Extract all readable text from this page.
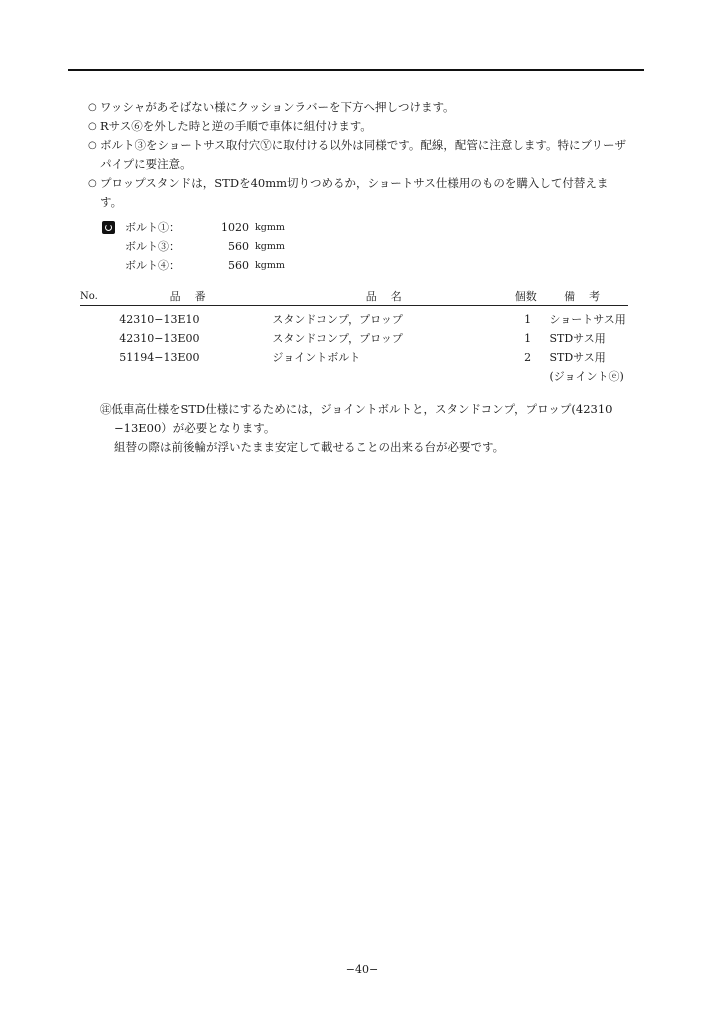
○ ワッシャがあそばない様にクッションラバーを下方へ押しつけます。
○ Rサス⑥を外した時と逆の手順で車体に組付けます。
○ ボルト③をショートサス取付穴Ⓨに取付ける以外は同様です。配線，配管に注意します。特にブリーザパイプに要注意。
○ プロップスタンドは，STDを40mm切りつめるか，ショートサス仕様用のものを購入して付替えます。
ボルト①：	1020 kgmm
ボルト③：	560 kgmm
ボルト④：	560 kgmm
No.	品番	品名	個数	備考
42310−13E10	スタンドコンプ，プロップ	1	ショートサス用
42310−13E00	スタンドコンプ，プロップ	1	STDサス用
51194−13E00	ジョイントボルト	2	STDサス用
(ジョイントⓔ)

㊟低車高仕様をSTD仕様にするためには，ジョイントボルトと，スタンドコンプ，プロップ(42310

−13E00）が必要となります。

組替の際は前後輪が浮いたまま安定して載せることの出来る台が必要です。

−40−
